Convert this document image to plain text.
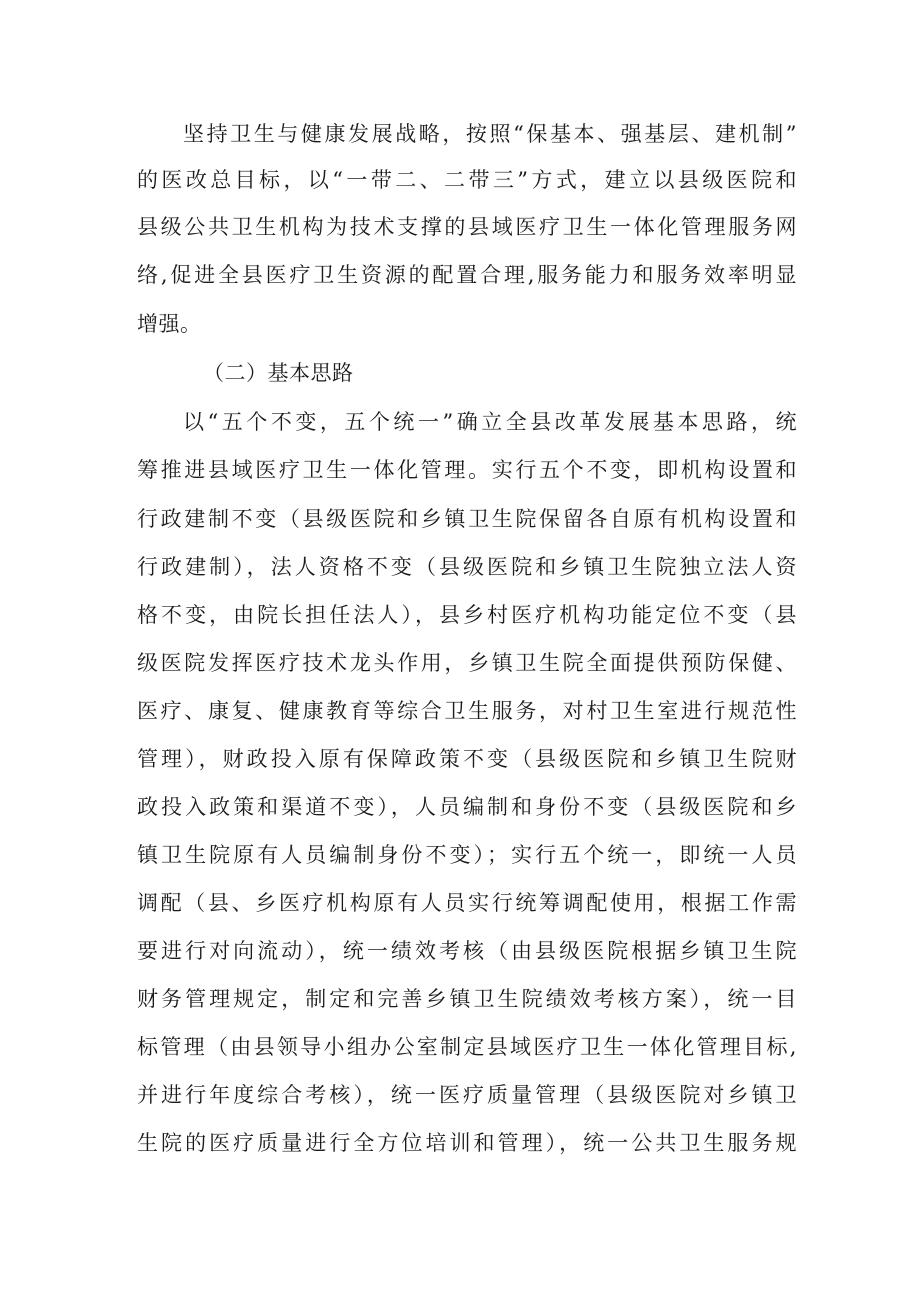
坚持卫生与健康发展战略，按照“保基本、强基层、建机制”
的医改总目标，以“一带二、二带三”方式，建立以县级医院和
县级公共卫生机构为技术支撑的县域医疗卫生一体化管理服务网
络,促进全县医疗卫生资源的配置合理,服务能力和服务效率明显
增强。
（二）基本思路
以“五个不变，五个统一”确立全县改革发展基本思路，统
筹推进县域医疗卫生一体化管理。实行五个不变，即机构设置和
行政建制不变（县级医院和乡镇卫生院保留各自原有机构设置和
行政建制），法人资格不变（县级医院和乡镇卫生院独立法人资
格不变，由院长担任法人），县乡村医疗机构功能定位不变（县
级医院发挥医疗技术龙头作用，乡镇卫生院全面提供预防保健、
医疗、康复、健康教育等综合卫生服务，对村卫生室进行规范性
管理），财政投入原有保障政策不变（县级医院和乡镇卫生院财
政投入政策和渠道不变），人员编制和身份不变（县级医院和乡
镇卫生院原有人员编制身份不变）；实行五个统一，即统一人员
调配（县、乡医疗机构原有人员实行统筹调配使用，根据工作需
要进行对向流动），统一绩效考核（由县级医院根据乡镇卫生院
财务管理规定，制定和完善乡镇卫生院绩效考核方案），统一目
标管理（由县领导小组办公室制定县域医疗卫生一体化管理目标,
并进行年度综合考核），统一医疗质量管理（县级医院对乡镇卫
生院的医疗质量进行全方位培训和管理），统一公共卫生服务规
